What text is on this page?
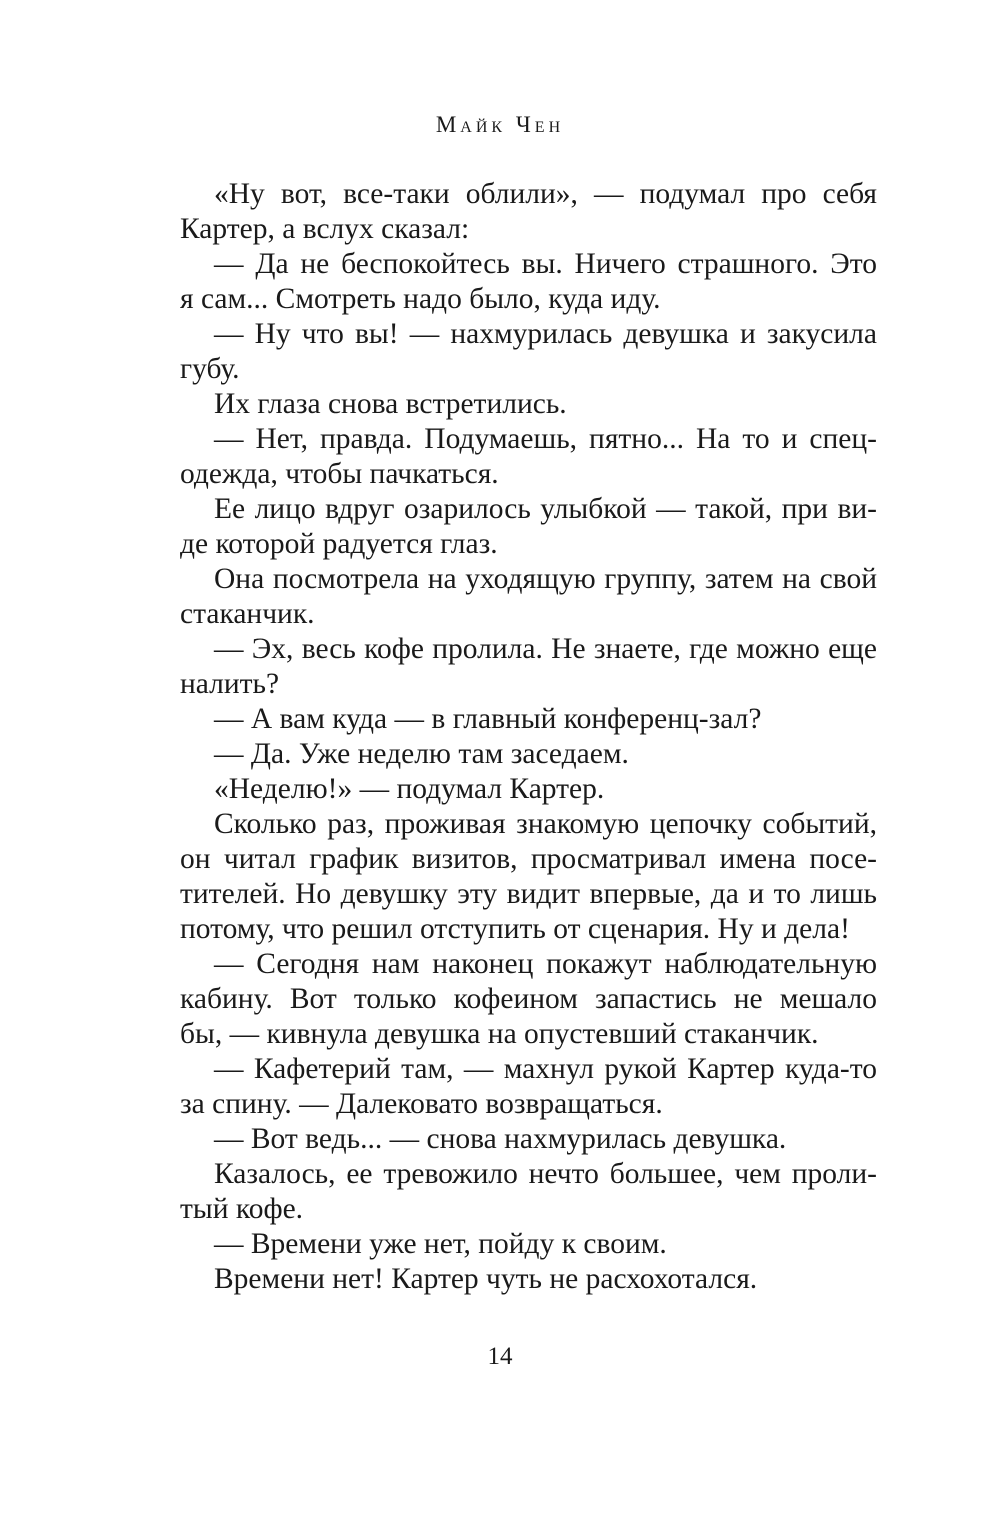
Майк Чен

«Ну вот, все-таки облили», — подумал про себя
Картер, а вслух сказал:
— Да не беспокойтесь вы. Ничего страшного. Это
я сам... Смотреть надо было, куда иду.
— Ну что вы! — нахмурилась девушка и закусила
губу.
Их глаза снова встретились.
— Нет, правда. Подумаешь, пятно... На то и спец-
одежда, чтобы пачкаться.
Ее лицо вдруг озарилось улыбкой — такой, при ви-
де которой радуется глаз.
Она посмотрела на уходящую группу, затем на свой
стаканчик.
— Эх, весь кофе пролила. Не знаете, где можно еще
налить?
— А вам куда — в главный конференц-зал?
— Да. Уже неделю там заседаем.
«Неделю!» — подумал Картер.
Сколько раз, проживая знакомую цепочку событий,
он читал график визитов, просматривал имена посе-
тителей. Но девушку эту видит впервые, да и то лишь
потому, что решил отступить от сценария. Ну и дела!
— Сегодня нам наконец покажут наблюдательную
кабину. Вот только кофеином запастись не мешало
бы, — кивнула девушка на опустевший стаканчик.
— Кафетерий там, — махнул рукой Картер куда-то
за спину. — Далековато возвращаться.
— Вот ведь... — снова нахмурилась девушка.
Казалось, ее тревожило нечто большее, чем проли-
тый кофе.
— Времени уже нет, пойду к своим.
Времени нет! Картер чуть не расхохотался.

14
